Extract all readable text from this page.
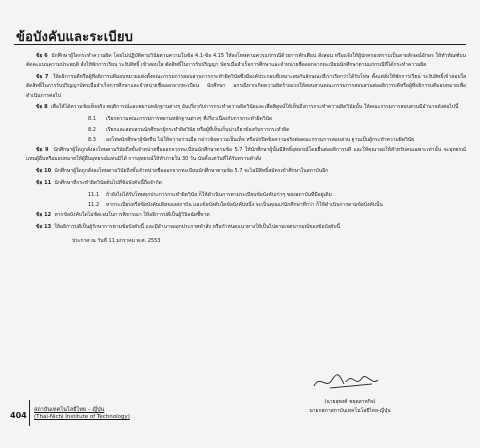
ข้อบังคับและระเบียบ

ข้อ 6 นักศึกษาผู้ใดกระทำความผิด โดยไม่ปฏิบัติตามวินัยตามความในข้อ 4.1-ข้อ 4.15 ให้ลงโทษตามควรแก่กรณีด้วยการตักเตือน สั่งสอน หรือแจ้งให้ผู้ปกครองทราบเป็นลายลักษณ์อักษร ให้ทำทัณฑ์บน ตัดคะแนนความประพฤติ สั่งให้พักการเรียน ระงับสิทธิ์ เข้าสอบใ่ส ตัดสิทธิ์ในการรับปริญญา บัตรเมื่อสำเร็จการศึกษาและจำหน่ายชื่อออกจากทะเบียนนักศึกษาตามแก่กรณีที่ได้กระทำความผิด

ข้อ 7 ให้อธิการบดีหรือผู้ที่อธิการบดีมอบหมายแต่งตั้งคณะกรรมการสอบสวนการกระทำผิดวินัยซึ่งมีองค์ประกอบที่เหมาะสมกับลักษณะที่เราเรียกว่าได้รับโทษ ตั้งแต่สั่งให้พักการเรียน ระงับสิทธิ์เข้าสอบใ่ส ตัดสิทธิ์ในการรับปริญญาบัตรเมื่อสำเร็จการศึกษาและจำหน่ายชื่อออกจากทะเบียน นักศึกษา อกรณีหากเกิดความผิดร้ายแรงให้สอบสวนคณะกรรมการสอบสวนต่ออธิการบดีหรือผู้ที่อธิการบดีมอบหมายเพื่อดำเนินการต่อไป

ข้อ 8 เพื่อให้ได้ความข้อเท็จจริง พฤติการณ์และพยานหลักฐานต่างๆ อันเกี่ยวกับการกระทำความผิดวินัยและเพื่อพิสูจน์ให้เห็นถึงการกระทำความผิดวินัยนั้น ให้คณะกรรมการสอบสวนมีอำนาจดังต่อไปนี้

8.1	เรียกความคณะกรรมการพยานหลักฐานต่างๆ ที่เกี่ยวเนื่องกับการกระทำผิดวินัย
8.2	เรียกและสอบสวนนักศึกษาผู้กระทำผิดวินัย หรือผู้ที่เห็นเก็บน่าเกี่ยวข้องกับการกระทำผิด
8.3	ลงโทษนักศึกษาผู้ขัดขืน ไม่ให้ความร่วมมือ กล่าวข้อความเป็นเท็จ หรือปกปิดข้อความจริงต่อคณะกรรมการสอบสวน ฐานเป็นผู้กระทำความผิดวินัย

ข้อ 9 นักศึกษาผู้ใดถูกสั่งลงโทษตามวินัยถึงขั้นจำหน่ายชื่อออกจากทะเบียนนักศึกษาตามข้อ 5.7 ให้นักศึกษาผู้นั้นมีสิทธิ์อุทธรณ์โดยยื่นต่ออธิการบดี และให้คุณาจมให้สำหรับคนเฉพาะเท่านั้น จะอุทธรณ์แทนผู้อื่นหรือมอบหมายให้ผู้อื่นอุทธรณ์แทนมิได้ การอุทธรณ์ให้ทำภายใน 30 วัน นับตั้งแต่วันที่ได้รับทราบคำสั่ง

ข้อ 10 นักศึกษาผู้ใดถูกสั่งลงโทษตามวินัยถึงขั้นจำหน่ายชื่อออกจากทะเบียนนักศึกษาตามข้อ 5.7 จะไม่มีสิทธิ์สมัครเข้าศึกษาในสถาบันอีก

ข้อ 11 นักศึกษาที่กระทำผิดวินัยต้นไปที่ข้อบังคับนี้ถือจำกัด

11.1	ถ้ายังไม่ได้รับโทษทุกประการกระทำผิดวินัย ก็ให้ดำเนินการตามระเบียบข้อบังคับเก่าๆ ของสถาบันที่มีอยู่เดิม
11.2	หากระเบียบหรือข้อบังคับเดิมของสถาบัน และข้อบังคับใดข้อบังคับหนึ่ง จะเป็นคุณแก่นักศึกษาที่กว่า ก็ให้ดำเนินการตามข้อบังคับนั้น

ข้อ 12 หากข้อบังคับใดไม่ชัดเจนในการพิจารณา ให้อธิการบดีเป็นผู้วินิจฉัยชี้ขาด

ข้อ 13 ให้อธิการบดีเป็นผู้รักษาการตามข้อบังคับนี้ และมีอำนาจออกประกาศคำสั่ง หรือกำหนดแนวทางให้เป็นไปตามเจตนารมณ์ของข้อบังคับนี้

ประกาศ ณ วันที่ 11 มกราคม พ.ศ. 2553
(นายสุพงศ์ ชยุตสาหกิจ)
นายกสภาสถาบันเทคโนโลยีไทย-ญี่ปุ่น
404
สถาบันเทคโนโลยีไทย – ญี่ปุ่น
(Thai-Nichi Institute of Technology)
